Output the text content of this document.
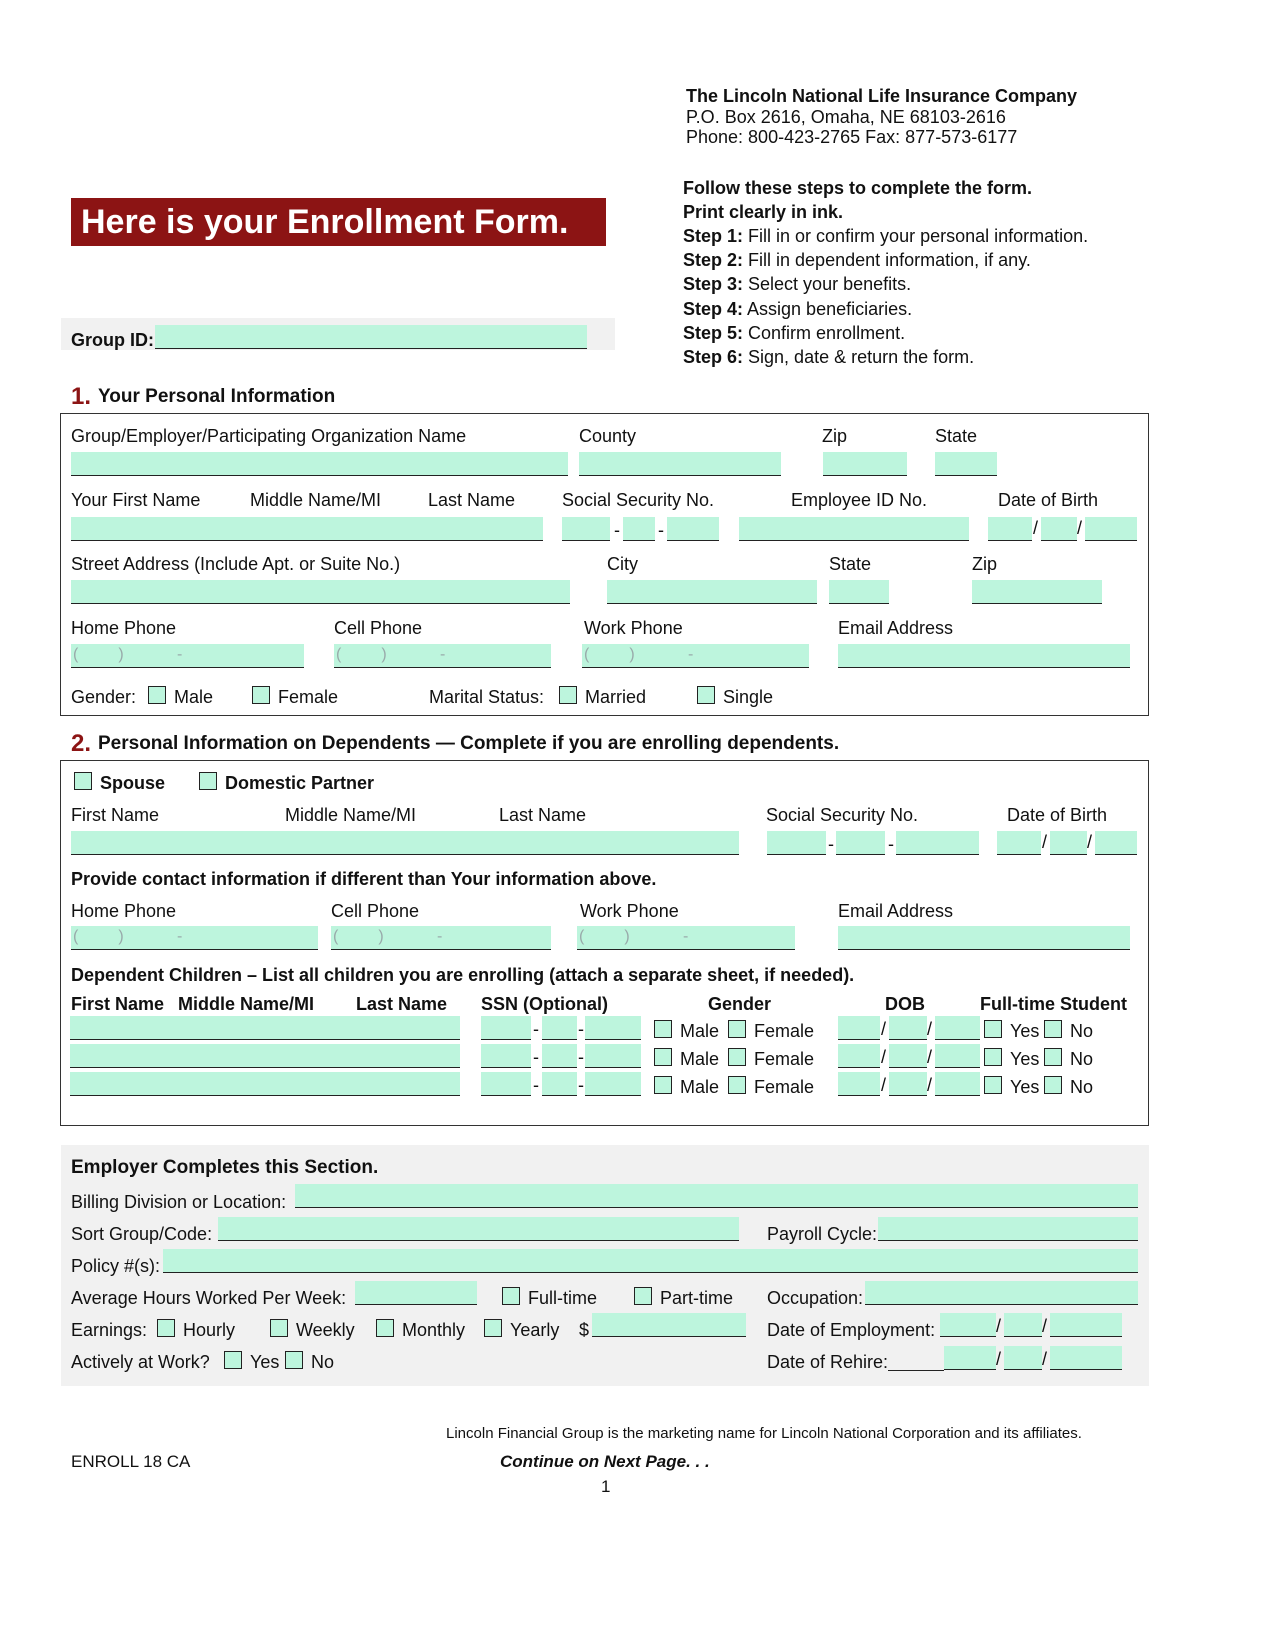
The Lincoln National Life Insurance Company
P.O. Box 2616, Omaha, NE 68103-2616
Phone: 800-423-2765 Fax: 877-573-6177
Here is your Enrollment Form.
Follow these steps to complete the form.
Print clearly in ink.
Step 1: Fill in or confirm your personal information.
Step 2: Fill in dependent information, if any.
Step 3: Select your benefits.
Step 4: Assign beneficiaries.
Step 5: Confirm enrollment.
Step 6: Sign, date & return the form.
Group ID:
1. Your Personal Information
Group/Employer/Participating Organization Name	County	Zip	State
Your First Name	Middle Name/MI	Last Name	Social Security No.	Employee ID No.	Date of Birth
- -	/ /
Street Address (Include Apt. or Suite No.)	City	State	Zip
Home Phone	Cell Phone	Work Phone	Email Address
(         )            -	(         )            -	(         )            -
Gender: Male	Female	Marital Status: Married	Single
2. Personal Information on Dependents — Complete if you are enrolling dependents.
Spouse	Domestic Partner
First Name	Middle Name/MI	Last Name	Social Security No.	Date of Birth
-	-	/ /
Provide contact information if different than Your information above.
Home Phone	Cell Phone	Work Phone	Email Address
(         )            -	(         )            -	(         )            -
Dependent Children – List all children you are enrolling (attach a separate sheet, if needed).
First Name Middle Name/MI Last Name SSN (Optional)	Gender	DOB	Full-time Student
- -	Male Female	/ /	Yes No
- -	Male Female	/ /	Yes No
- -	Male Female	/ /	Yes No
Employer Completes this Section.
Billing Division or Location:
Sort Group/Code:	Payroll Cycle:
Policy #(s):
Average Hours Worked Per Week:	Full-time	Part-time Occupation:
Earnings: Hourly	Weekly	Monthly Yearly $	Date of Employment:	/ /
Actively at Work? Yes No	Date of Rehire:	/ /
Lincoln Financial Group is the marketing name for Lincoln National Corporation and its affiliates.
ENROLL 18 CA	Continue on Next Page. . .
1
